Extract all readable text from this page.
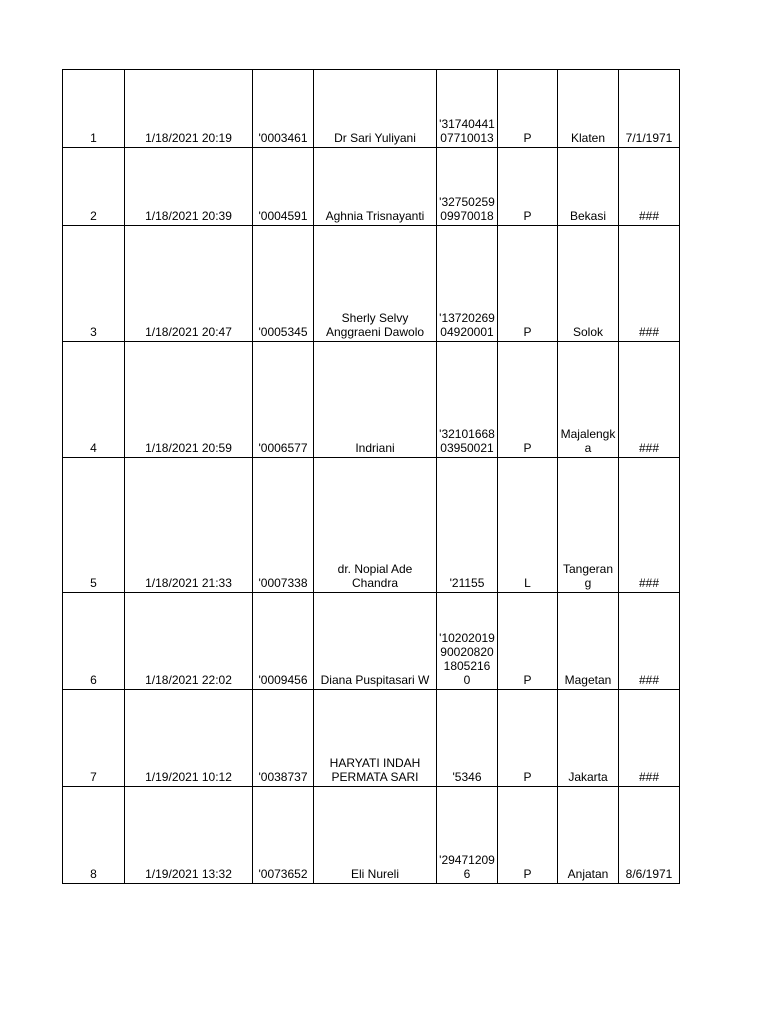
1	1/18/2021 20:19	'0003461	Dr Sari Yuliyani	'3174044107710013	P	Klaten	7/1/1971
2	1/18/2021 20:39	'0004591	Aghnia Trisnayanti	'3275025909970018	P	Bekasi	###
3	1/18/2021 20:47	'0005345	Sherly Selvy Anggraeni Dawolo	'1372026904920001	P	Solok	###
4	1/18/2021 20:59	'0006577	Indriani	'3210166803950021	P	Majalengka	###
5	1/18/2021 21:33	'0007338	dr. Nopial Ade Chandra	'21155	L	Tangerang	###
6	1/18/2021 22:02	'0009456	Diana Puspitasari W	'10202019900208201805216 0	P	Magetan	###
7	1/19/2021 10:12	'0038737	HARYATI INDAH PERMATA SARI	'5346	P	Jakarta	###
8	1/19/2021 13:32	'0073652	Eli Nureli	'294712096	P	Anjatan	8/6/1971
